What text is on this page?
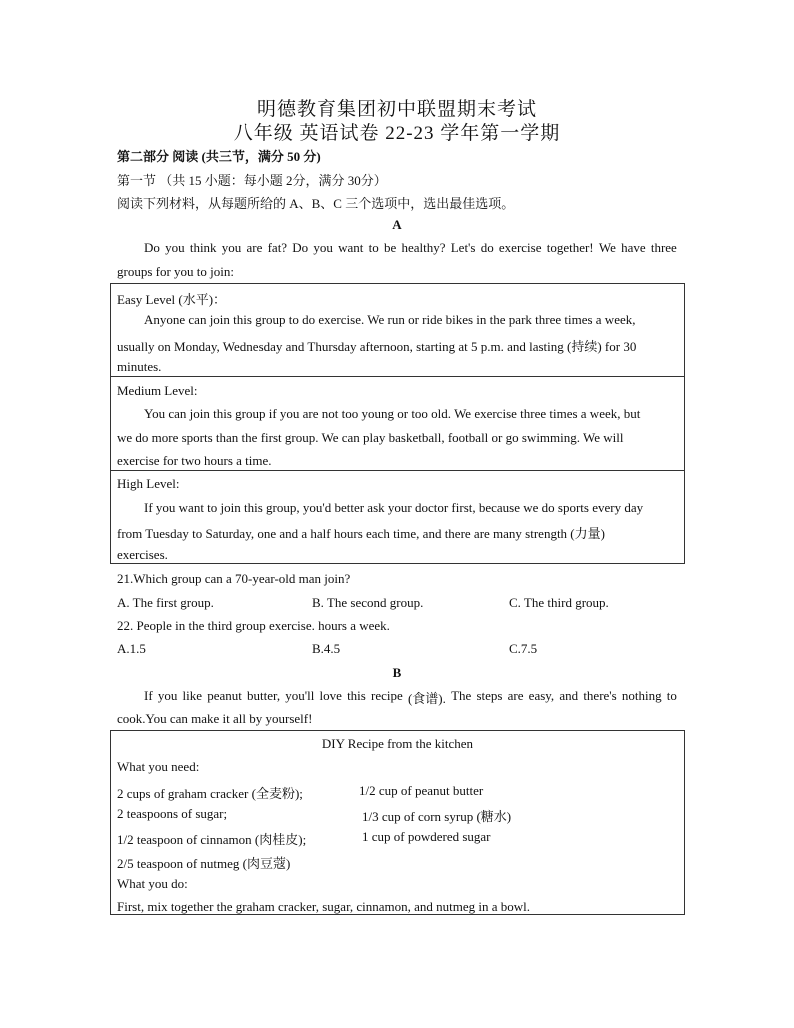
明德教育集团初中联盟期末考试
八年级 英语试卷 22-23 学年第一学期
第二部分 阅读 (共三节，满分 50 分)
第一节 （共 15 小题：每小题 2分，满分 30分）
阅读下列材料，从每题所给的 A、B、C 三个选项中，选出最佳选项。
A
Do you think you are fat? Do you want to be healthy? Let's do exercise together! We have three
groups for you to join:
Easy Level (水平)：
Anyone can join this group to do exercise. We run or ride bikes in the park three times a week,
usually on Monday, Wednesday and Thursday afternoon, starting at 5 p.m. and lasting (持续) for 30
minutes.
Medium Level:
You can join this group if you are not too young or too old. We exercise three times a week, but
we do more sports than the first group. We can play basketball, football or go swimming. We will
exercise for two hours a time.
High Level:
If you want to join this group, you'd better ask your doctor first, because we do sports every day
from Tuesday to Saturday, one and a half hours each time, and there are many strength (力量)
exercises.
21.Which group can a 70-year-old man join?
A. The first group.	B. The second group.	C. The third group.
22. People in the third group exercise. hours a week.
A.1.5	B.4.5	C.7.5
B
If you like peanut butter, you'll love this recipe (食谱). The steps are easy, and there's nothing to
cook.You can make it all by yourself!
DIY Recipe from the kitchen
What you need:
2 cups of graham cracker (全麦粉);
2 teaspoons of sugar;
1/2 teaspoon of cinnamon (肉桂皮);
2/5 teaspoon of nutmeg (肉豆蔻)
1/2 cup of peanut butter
1/3 cup of corn syrup (糖水)
1 cup of powdered sugar
What you do:
First, mix together the graham cracker, sugar, cinnamon, and nutmeg in a bowl.
